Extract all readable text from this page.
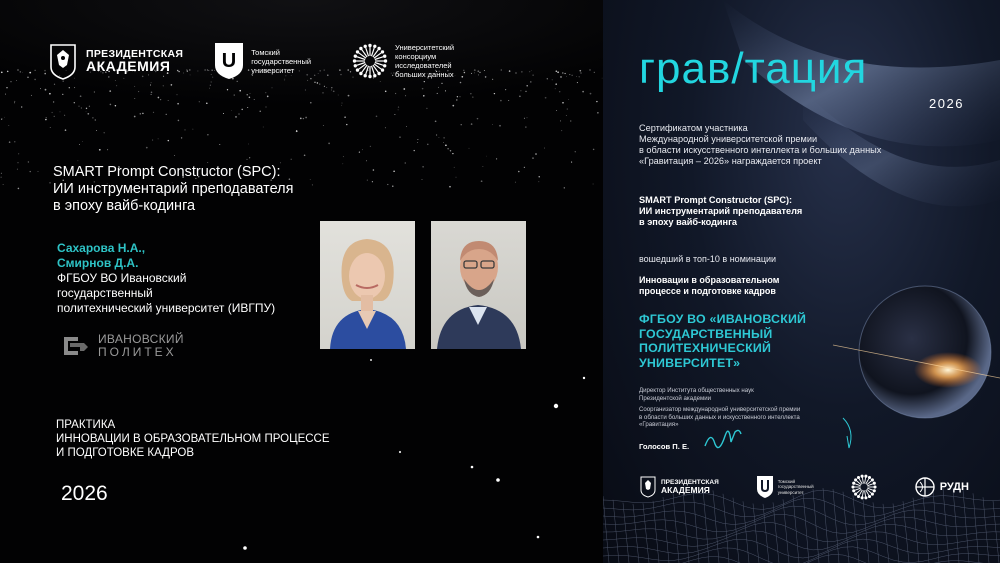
ПРЕЗИДЕНТСКАЯ
АКАДЕМИЯ	U Томский
государственный
университет
Университетский
консорциум
исследователей
больших данных
SMART Prompt Constructor (SPC):
ИИ инструментарий преподавателя
в эпоху вайб-кодинга
Сахарова Н.А.,
Смирнов Д.А.
ФГБОУ ВО Ивановский
государственный
политехнический университет (ИВГПУ)
ИВАНОВСКИЙ
ПОЛИТЕХ
ПРАКТИКА
ИННОВАЦИИ В ОБРАЗОВАТЕЛЬНОМ ПРОЦЕССЕ
И ПОДГОТОВКЕ КАДРОВ
2026
грав/тация
2026
Сертификатом участника
Международной университетской премии
в области искусственного интеллекта и больших данных
«Гравитация – 2026» награждается проект
SMART Prompt Constructor (SPC):
ИИ инструментарий преподавателя
в эпоху вайб-кодинга
вошедший в топ-10 в номинации
Инновации в образовательном
процессе и подготовке кадров
ФГБОУ ВО «ИВАНОВСКИЙ
ГОСУДАРСТВЕННЫЙ
ПОЛИТЕХНИЧЕСКИЙ
УНИВЕРСИТЕТ»
Директор Института общественных наук
Президентской академии
Соорганизатор международной университетской премии
в области больших данных и искусственного интеллекта
«Гравитация»
Голосов П. Е.
ПРЕЗИДЕНТСКАЯ
АКАДЕМИЯ
Томский
государственный
университет	РУДН
